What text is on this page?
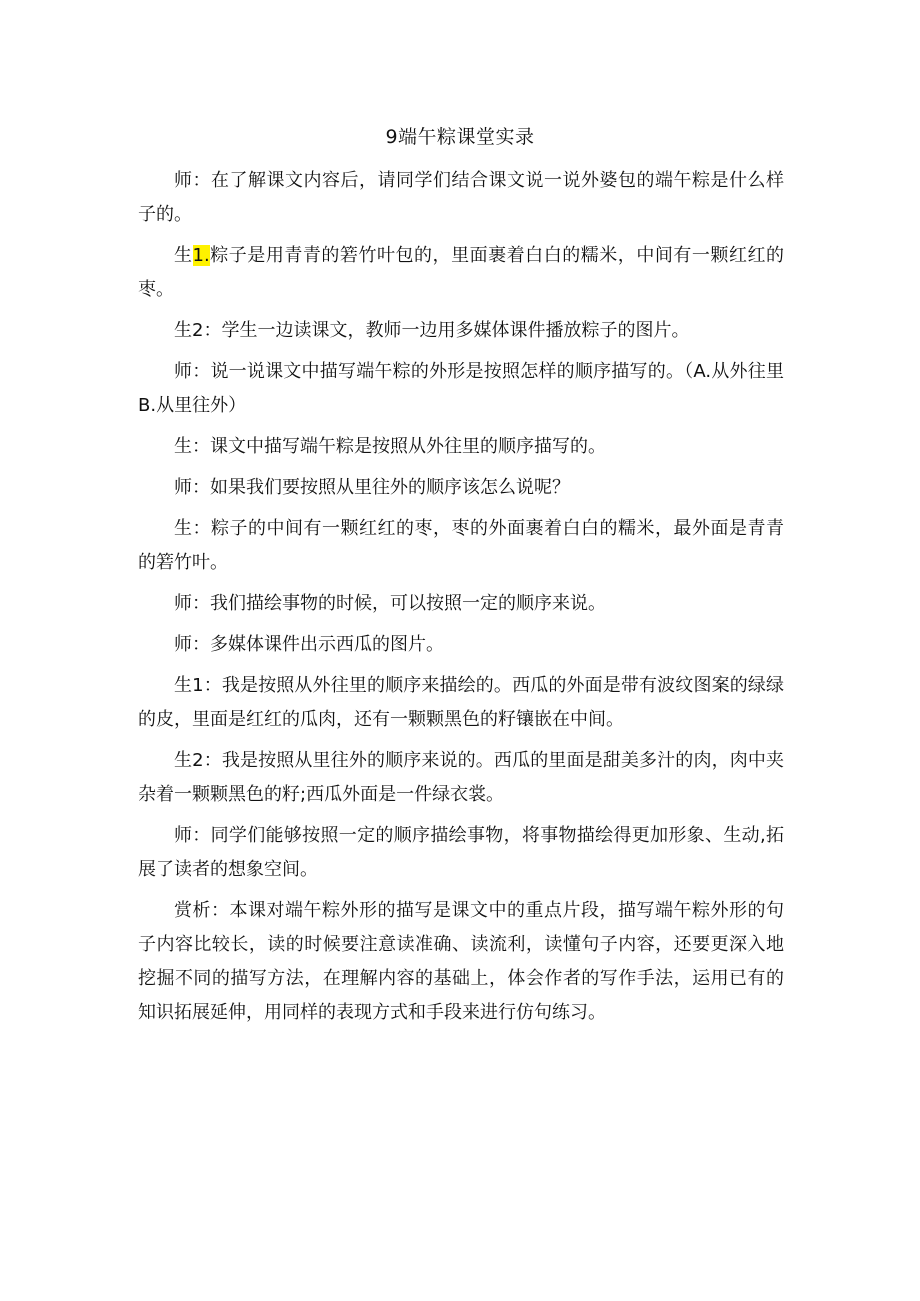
9端午粽课堂实录

师：在了解课文内容后，请同学们结合课文说一说外婆包的端午粽是什么样子的。

生1.粽子是用青青的箬竹叶包的，里面裹着白白的糯米，中间有一颗红红的枣。

生2：学生一边读课文，教师一边用多媒体课件播放粽子的图片。

师：说一说课文中描写端午粽的外形是按照怎样的顺序描写的。（A.从外往里B.从里往外）

生：课文中描写端午粽是按照从外往里的顺序描写的。

师：如果我们要按照从里往外的顺序该怎么说呢？

生：粽子的中间有一颗红红的枣，枣的外面裹着白白的糯米，最外面是青青的箬竹叶。

师：我们描绘事物的时候，可以按照一定的顺序来说。

师：多媒体课件出示西瓜的图片。

生1：我是按照从外往里的顺序来描绘的。西瓜的外面是带有波纹图案的绿绿的皮，里面是红红的瓜肉，还有一颗颗黑色的籽镶嵌在中间。

生2：我是按照从里往外的顺序来说的。西瓜的里面是甜美多汁的肉，肉中夹杂着一颗颗黑色的籽;西瓜外面是一件绿衣裳。

师：同学们能够按照一定的顺序描绘事物，将事物描绘得更加形象、生动,拓展了读者的想象空间。

赏析：本课对端午粽外形的描写是课文中的重点片段，描写端午粽外形的句子内容比较长，读的时候要注意读准确、读流利，读懂句子内容，还要更深入地挖掘不同的描写方法，在理解内容的基础上，体会作者的写作手法，运用已有的知识拓展延伸，用同样的表现方式和手段来进行仿句练习。
